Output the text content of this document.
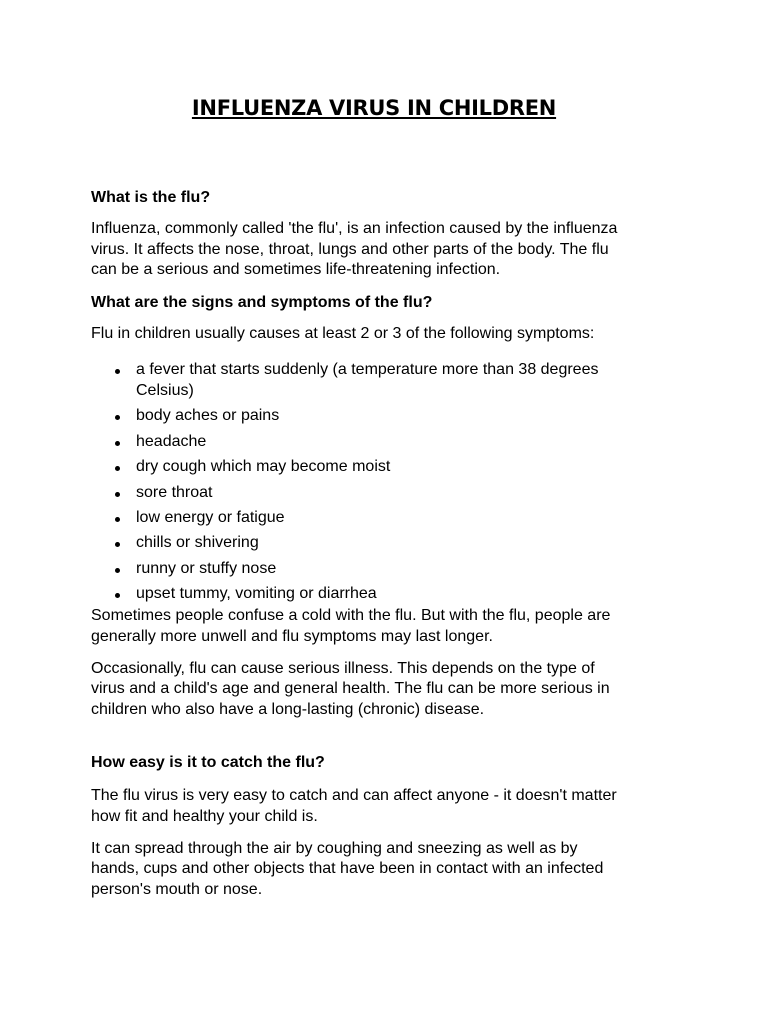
INFLUENZA VIRUS IN CHILDREN
What is the flu?

Influenza, commonly called 'the flu', is an infection caused by the influenza
virus. It affects the nose, throat, lungs and other parts of the body. The flu
can be a serious and sometimes life-threatening infection.

What are the signs and symptoms of the flu?

Flu in children usually causes at least 2 or 3 of the following symptoms:

a fever that starts suddenly (a temperature more than 38 degrees
Celsius)
body aches or pains
headache
dry cough which may become moist
sore throat
low energy or fatigue
chills or shivering
runny or stuffy nose
upset tummy, vomiting or diarrhea

Sometimes people confuse a cold with the flu. But with the flu, people are
generally more unwell and flu symptoms may last longer.

Occasionally, flu can cause serious illness. This depends on the type of
virus and a child's age and general health. The flu can be more serious in
children who also have a long-lasting (chronic) disease.

How easy is it to catch the flu?

The flu virus is very easy to catch and can affect anyone - it doesn't matter
how fit and healthy your child is.

It can spread through the air by coughing and sneezing as well as by
hands, cups and other objects that have been in contact with an infected
person's mouth or nose.
